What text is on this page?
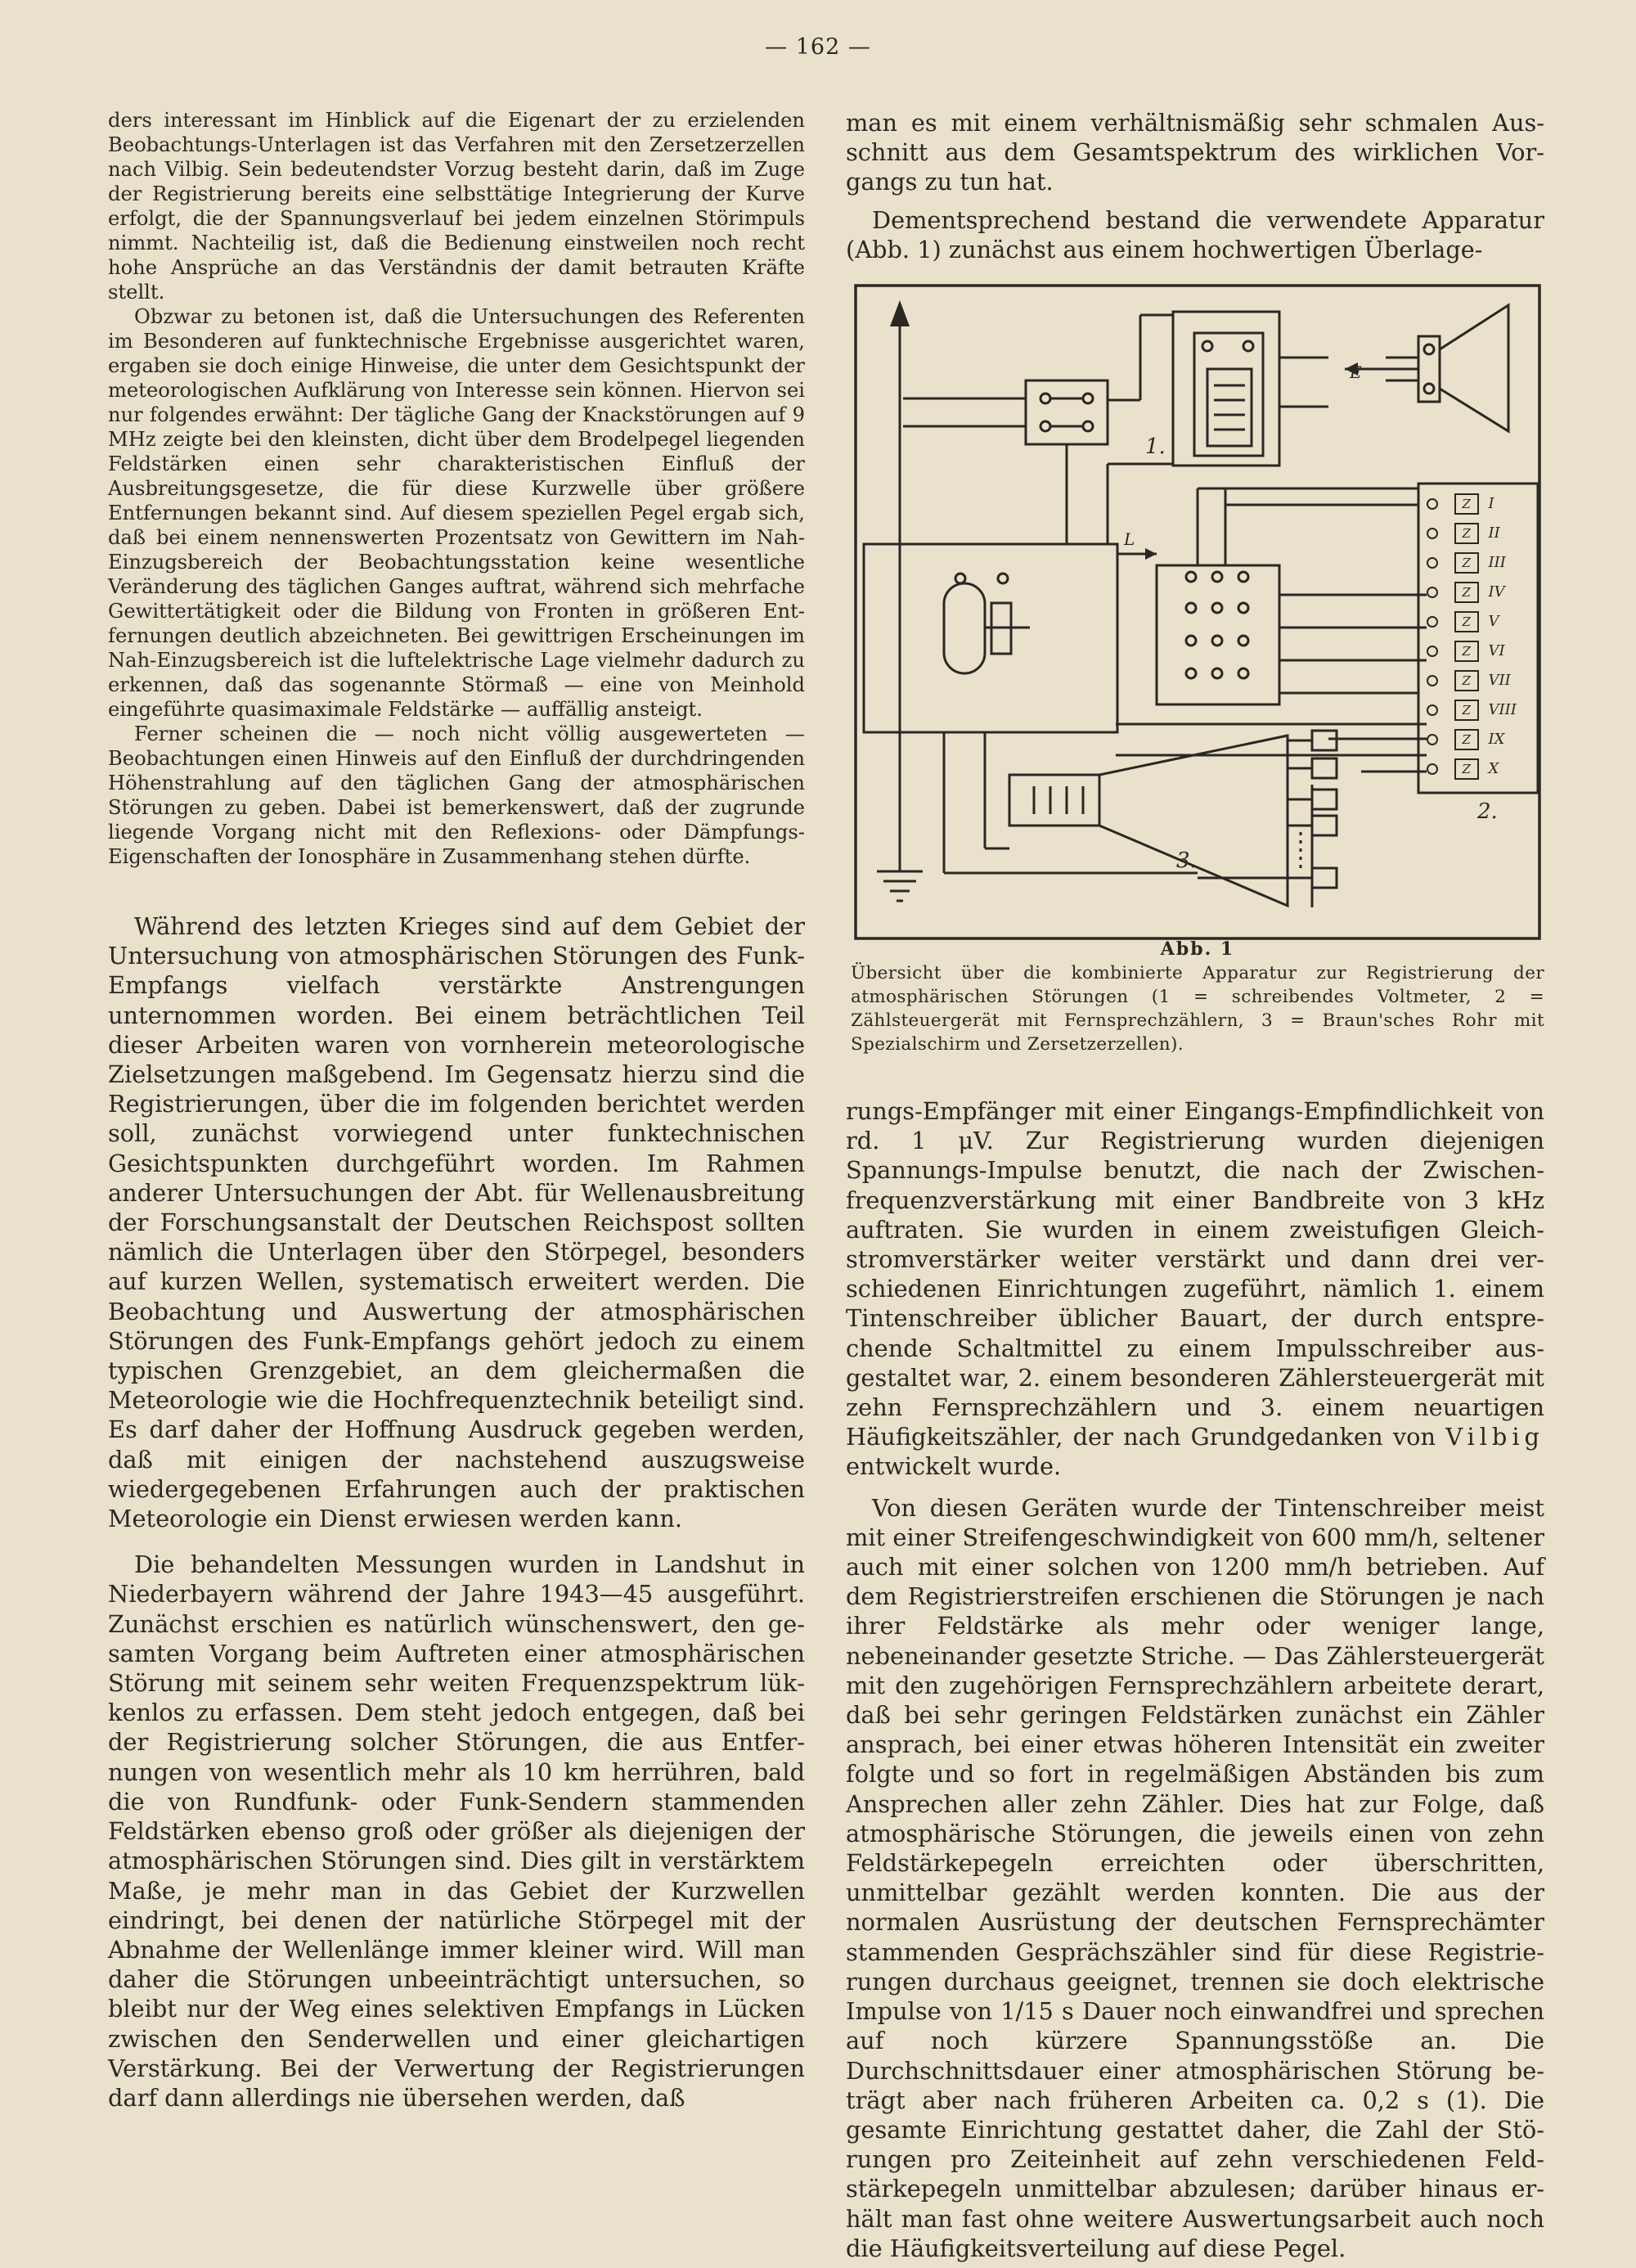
— 162 —

ders interessant im Hinblick auf die Eigenart der zu erzielenden Beobachtungs-Unterlagen ist das Verfahren mit den Zersetzerzellen nach Vilbig. Sein bedeutendster Vorzug besteht darin, daß im Zuge der Registrierung bereits eine selbsttätige Integrierung der Kurve erfolgt, die der Spannungsverlauf bei jedem einzelnen Störimpuls nimmt. Nachteilig ist, daß die Bedienung einstweilen noch recht hohe Ansprüche an das Verständnis der damit betrauten Kräfte stellt.

Obzwar zu betonen ist, daß die Untersuchungen des Referenten im Besonderen auf funktechnische Ergebnisse ausgerichtet waren, ergaben sie doch einige Hinweise, die unter dem Gesichtspunkt der meteorologischen Aufklärung von Interesse sein können. Hiervon sei nur folgendes erwähnt: Der tägliche Gang der Knackstörungen auf 9 MHz zeigte bei den kleinsten, dicht über dem Brodelpegel liegenden Feldstärken einen sehr charakteristischen Einfluß der Ausbreitungsgesetze, die für diese Kurzwelle über größere Entfernungen bekannt sind. Auf diesem speziellen Pegel ergab sich, daß bei einem nennenswerten Prozentsatz von Gewittern im Nah-Einzugsbereich der Beobachtungsstation keine wesentliche Veränderung des täglichen Ganges auftrat, während sich mehrfache Gewittertätigkeit oder die Bildung von Fronten in größeren Entfernungen deutlich abzeichneten. Bei gewittrigen Erscheinungen im Nah-Einzugsbereich ist die luftelektrische Lage vielmehr dadurch zu erkennen, daß das sogenannte Störmaß — eine von Meinhold eingeführte quasimaximale Feldstärke — auffällig ansteigt.

Ferner scheinen die — noch nicht völlig ausgewerteten — Beobachtungen einen Hinweis auf den Einfluß der durchdringenden Höhenstrahlung auf den täglichen Gang der atmosphärischen Störungen zu geben. Dabei ist bemerkenswert, daß der zugrunde liegende Vorgang nicht mit den Reflexions- oder Dämpfungs-Eigenschaften der Ionosphäre in Zusammenhang stehen dürfte.

Während des letzten Krieges sind auf dem Gebiet der Untersuchung von atmosphärischen Störungen des Funk-Empfangs vielfach verstärkte Anstrengungen unternommen worden. Bei einem beträchtlichen Teil dieser Arbeiten waren von vornherein meteorologische Zielsetzungen maßgebend. Im Gegensatz hierzu sind die Registrierungen, über die im folgenden berichtet werden soll, zunächst vorwiegend unter funktechnischen Gesichtspunkten durchgeführt worden. Im Rahmen anderer Untersuchungen der Abt. für Wellenausbreitung der Forschungsanstalt der Deutschen Reichspost sollten nämlich die Unterlagen über den Störpegel, besonders auf kurzen Wellen, systematisch erweitert werden. Die Beobachtung und Auswertung der atmosphärischen Störungen des Funk-Empfangs gehört jedoch zu einem typischen Grenzgebiet, an dem gleichermaßen die Meteorologie wie die Hochfrequenztechnik beteiligt sind. Es darf daher der Hoffnung Ausdruck gegeben werden, daß mit einigen der nachstehend auszugsweise wiedergegebenen Erfahrungen auch der praktischen Meteorologie ein Dienst erwiesen werden kann.

Die behandelten Messungen wurden in Landshut in Niederbayern während der Jahre 1943—45 ausgeführt. Zunächst erschien es natürlich wünschenswert, den gesamten Vorgang beim Auftreten einer atmosphärischen Störung mit seinem sehr weiten Frequenzspektrum lükkenlos zu erfassen. Dem steht jedoch entgegen, daß bei der Registrierung solcher Störungen, die aus Entfernungen von wesentlich mehr als 10 km herrühren, bald die von Rundfunk- oder Funk-Sendern stammenden Feldstärken ebenso groß oder größer als diejenigen der atmosphärischen Störungen sind. Dies gilt in verstärktem Maße, je mehr man in das Gebiet der Kurzwellen eindringt, bei denen der natürliche Störpegel mit der Abnahme der Wellenlänge immer kleiner wird. Will man daher die Störungen unbeeinträchtigt untersuchen, so bleibt nur der Weg eines selektiven Empfangs in Lücken zwischen den Senderwellen und einer gleichartigen Verstärkung. Bei der Verwertung der Registrierungen darf dann allerdings nie übersehen werden, daß

man es mit einem verhältnismäßig sehr schmalen Ausschnitt aus dem Gesamtspektrum des wirklichen Vorgangs zu tun hat.

Dementsprechend bestand die verwendete Apparatur (Abb. 1) zunächst aus einem hochwertigen Überlage-

Z I
Z II
Z III
Z IV
Z V
Z VI
Z VII
Z VIII
Z IX
Z X
1.
2.
3.
E
L
Abb. 1
Übersicht über die kombinierte Apparatur zur Registrierung der atmosphärischen Störungen (1 = schreibendes Voltmeter, 2 = Zählsteuergerät mit Fernsprechzählern, 3 = Braun'sches Rohr mit Spezialschirm und Zersetzerzellen).

rungs-Empfänger mit einer Eingangs-Empfindlichkeit von rd. 1 μV. Zur Registrierung wurden diejenigen Spannungs-Impulse benutzt, die nach der Zwischenfrequenzverstärkung mit einer Bandbreite von 3 kHz auftraten. Sie wurden in einem zweistufigen Gleichstromverstärker weiter verstärkt und dann drei verschiedenen Einrichtungen zugeführt, nämlich 1. einem Tintenschreiber üblicher Bauart, der durch entsprechende Schaltmittel zu einem Impulsschreiber ausgestaltet war, 2. einem besonderen Zählersteuergerät mit zehn Fernsprechzählern und 3. einem neuartigen Häufigkeitszähler, der nach Grundgedanken von Vilbig entwickelt wurde.

Von diesen Geräten wurde der Tintenschreiber meist mit einer Streifengeschwindigkeit von 600 mm/h, seltener auch mit einer solchen von 1200 mm/h betrieben. Auf dem Registrierstreifen erschienen die Störungen je nach ihrer Feldstärke als mehr oder weniger lange, nebeneinander gesetzte Striche. — Das Zählersteuergerät mit den zugehörigen Fernsprechzählern arbeitete derart, daß bei sehr geringen Feldstärken zunächst ein Zähler ansprach, bei einer etwas höheren Intensität ein zweiter folgte und so fort in regelmäßigen Abständen bis zum Ansprechen aller zehn Zähler. Dies hat zur Folge, daß atmosphärische Störungen, die jeweils einen von zehn Feldstärkepegeln erreichten oder überschritten, unmittelbar gezählt werden konnten. Die aus der normalen Ausrüstung der deutschen Fernsprechämter stammenden Gesprächszähler sind für diese Registrierungen durchaus geeignet, trennen sie doch elektrische Impulse von 1/15 s Dauer noch einwandfrei und sprechen auf noch kürzere Spannungsstöße an. Die Durchschnittsdauer einer atmosphärischen Störung beträgt aber nach früheren Arbeiten ca. 0,2 s (1). Die gesamte Einrichtung gestattet daher, die Zahl der Störungen pro Zeiteinheit auf zehn verschiedenen Feldstärkepegeln unmittelbar abzulesen; darüber hinaus erhält man fast ohne weitere Auswertungsarbeit auch noch die Häufigkeitsverteilung auf diese Pegel.
